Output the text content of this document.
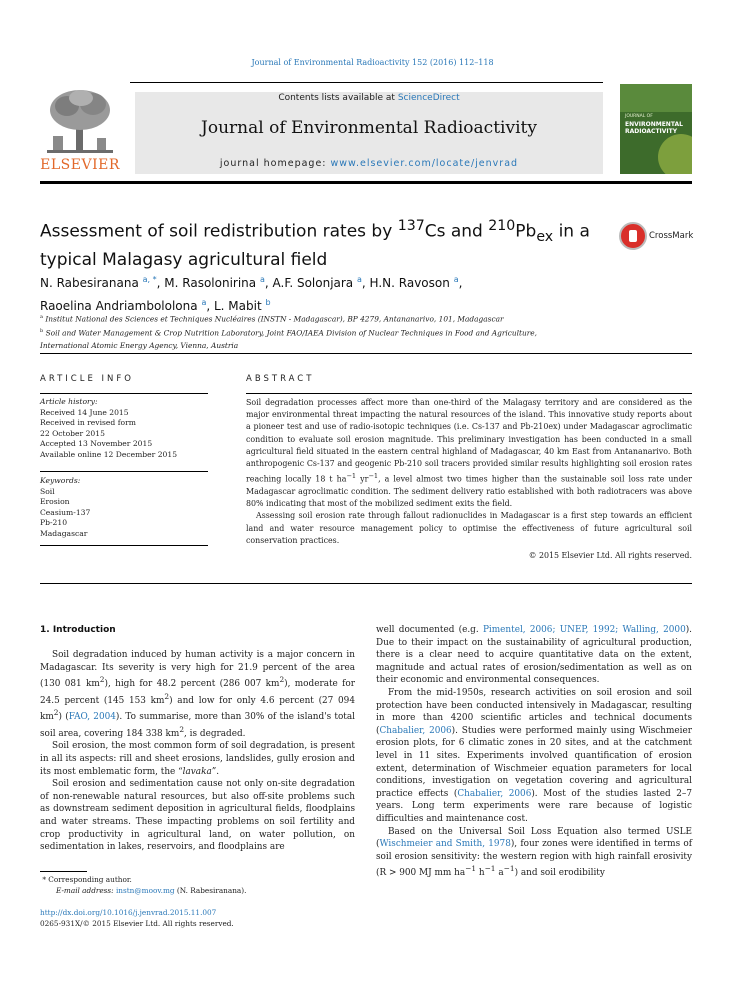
Journal of Environmental Radioactivity 152 (2016) 112–118
ELSEVIER
Contents lists available at ScienceDirect
Journal of Environmental Radioactivity
journal homepage: www.elsevier.com/locate/jenvrad
JOURNAL OF
ENVIRONMENTAL RADIOACTIVITY
Assessment of soil redistribution rates by $^{137}$Cs and $^{210}Pb_{ex}$ in a typical Malagasy agricultural field
CrossMark
N. Rabesiranana $^{a, *}$, M. Rasolonirina $^a$, A.F. Solonjara $^a$, H.N. Ravoson $^a$,
Raoelina Andriambololona $^a$, L. Mabit $^b$
$^a$ Institut National des Sciences et Techniques Nucléaires (INSTN - Madagascar), BP 4279, Antananarivo, 101, Madagascar
$^b$ Soil and Water Management & Crop Nutrition Laboratory, Joint FAO/IAEA Division of Nuclear Techniques in Food and Agriculture,
International Atomic Energy Agency, Vienna, Austria
ARTICLE INFO
Article history:
Received 14 June 2015
Received in revised form
22 October 2015
Accepted 13 November 2015
Available online 12 December 2015
Keywords:
Soil
Erosion
Ceasium-137
Pb-210
Madagascar
ABSTRACT

Soil degradation processes affect more than one-third of the Malagasy territory and are considered as the major environmental threat impacting the natural resources of the island. This innovative study reports about a pioneer test and use of radio-isotopic techniques (i.e. Cs-137 and Pb-210ex) under Madagascar agroclimatic condition to evaluate soil erosion magnitude. This preliminary investigation has been conducted in a small agricultural field situated in the eastern central highland of Madagascar, 40 km East from Antananarivo. Both anthropogenic Cs-137 and geogenic Pb-210 soil tracers provided similar results highlighting soil erosion rates reaching locally 18 t $ha^{-1}$ $yr^{-1}$, a level almost two times higher than the sustainable soil loss rate under Madagascar agroclimatic condition. The sediment delivery ratio established with both radiotracers was above 80% indicating that most of the mobilized sediment exits the field.

Assessing soil erosion rate through fallout radionuclides in Madagascar is a first step towards an efficient land and water resource management policy to optimise the effectiveness of future agricultural soil conservation practices.

© 2015 Elsevier Ltd. All rights reserved.
1. Introduction

Soil degradation induced by human activity is a major concern in Madagascar. Its severity is very high for 21.9 percent of the area (130 081 $km^2$), high for 48.2 percent (286 007 $km^2$), moderate for 24.5 percent (145 153 $km^2$) and low for only 4.6 percent (27 094 $km^2$) (FAO, 2004). To summarise, more than 30% of the island's total soil area, covering 184 338 $km^2$, is degraded.

Soil erosion, the most common form of soil degradation, is present in all its aspects: rill and sheet erosions, landslides, gully erosion and its most emblematic form, the “lavaka”.

Soil erosion and sedimentation cause not only on-site degradation of non-renewable natural resources, but also off-site problems such as downstream sediment deposition in agricultural fields, floodplains and water streams. These impacting problems on soil fertility and crop productivity in agricultural land, on water pollution, on sedimentation in lakes, reservoirs, and floodplains are

well documented (e.g. Pimentel, 2006; UNEP, 1992; Walling, 2000). Due to their impact on the sustainability of agricultural production, there is a clear need to acquire quantitative data on the extent, magnitude and actual rates of erosion/sedimentation as well as on their economic and environmental consequences.

From the mid-1950s, research activities on soil erosion and soil protection have been conducted intensively in Madagascar, resulting in more than 4200 scientific articles and technical documents (Chabalier, 2006). Studies were performed mainly using Wischmeier erosion plots, for 6 climatic zones in 20 sites, and at the catchment level in 11 sites. Experiments involved quantification of erosion extent, determination of Wischmeier equation parameters for local conditions, investigation on vegetation covering and agricultural practice effects (Chabalier, 2006). Most of the studies lasted 2–7 years. Long term experiments were rare because of logistic difficulties and maintenance cost.

Based on the Universal Soil Loss Equation also termed USLE (Wischmeier and Smith, 1978), four zones were identified in terms of soil erosion sensitivity: the western region with high rainfall erosivity (R > 900 MJ mm $ha^{-1}$ $h^{-1}$ $a^{-1}$) and soil erodibility

* Corresponding author.
E-mail address: instn@moov.mg (N. Rabesiranana).
http://dx.doi.org/10.1016/j.jenvrad.2015.11.007
0265-931X/© 2015 Elsevier Ltd. All rights reserved.
